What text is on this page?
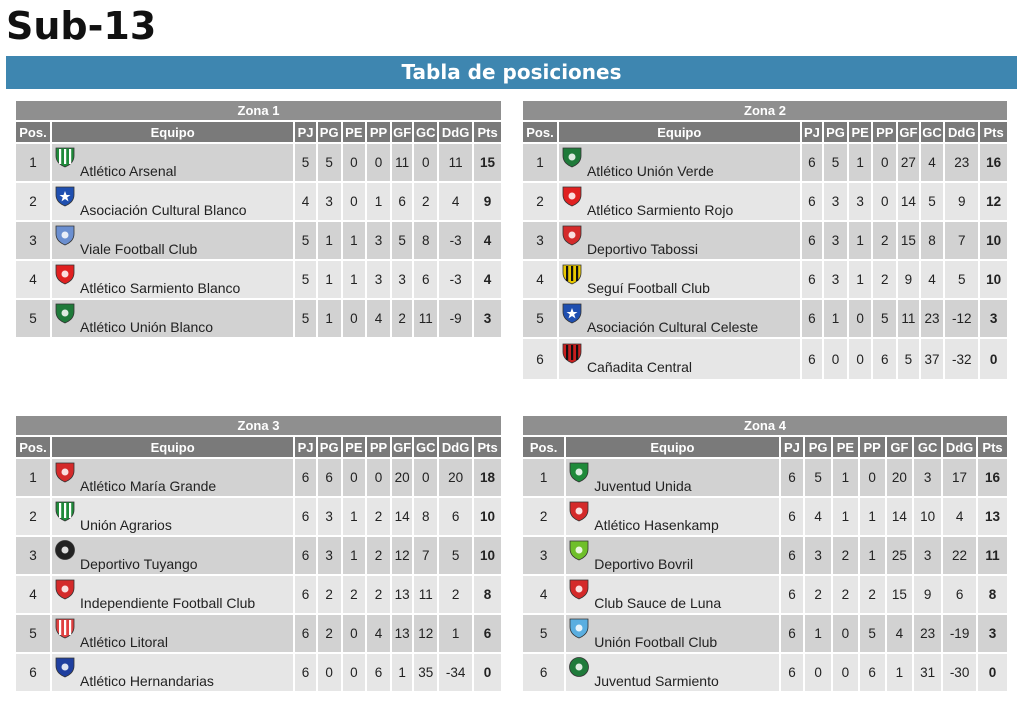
Sub-13
Tabla de posiciones
Zona 1
Pos.	Equipo	PJ	PG	PE	PP	GF	GC	DdG	Pts
1	Atlético Arsenal	5	5	0	0	11	0	11	15
2	Asociación Cultural Blanco	4	3	0	1	6	2	4	9
3	Viale Football Club	5	1	1	3	5	8	-3	4
4	Atlético Sarmiento Blanco	5	1	1	3	3	6	-3	4
5	Atlético Unión Blanco	5	1	0	4	2	11	-9	3
Zona 2
Pos.	Equipo	PJ	PG	PE	PP	GF	GC	DdG	Pts
1	Atlético Unión Verde	6	5	1	0	27	4	23	16
2	Atlético Sarmiento Rojo	6	3	3	0	14	5	9	12
3	Deportivo Tabossi	6	3	1	2	15	8	7	10
4	Seguí Football Club	6	3	1	2	9	4	5	10
5	Asociación Cultural Celeste	6	1	0	5	11	23	-12	3
6	Cañadita Central	6	0	0	6	5	37	-32	0
Zona 3
Pos.	Equipo	PJ	PG	PE	PP	GF	GC	DdG	Pts
1	Atlético María Grande	6	6	0	0	20	0	20	18
2	Unión Agrarios	6	3	1	2	14	8	6	10
3	Deportivo Tuyango	6	3	1	2	12	7	5	10
4	Independiente Football Club	6	2	2	2	13	11	2	8
5	Atlético Litoral	6	2	0	4	13	12	1	6
6	Atlético Hernandarias	6	0	0	6	1	35	-34	0
Zona 4
Pos.	Equipo	PJ	PG	PE	PP	GF	GC	DdG	Pts
1	Juventud Unida	6	5	1	0	20	3	17	16
2	Atlético Hasenkamp	6	4	1	1	14	10	4	13
3	Deportivo Bovril	6	3	2	1	25	3	22	11
4	Club Sauce de Luna	6	2	2	2	15	9	6	8
5	Unión Football Club	6	1	0	5	4	23	-19	3
6	Juventud Sarmiento	6	0	0	6	1	31	-30	0
